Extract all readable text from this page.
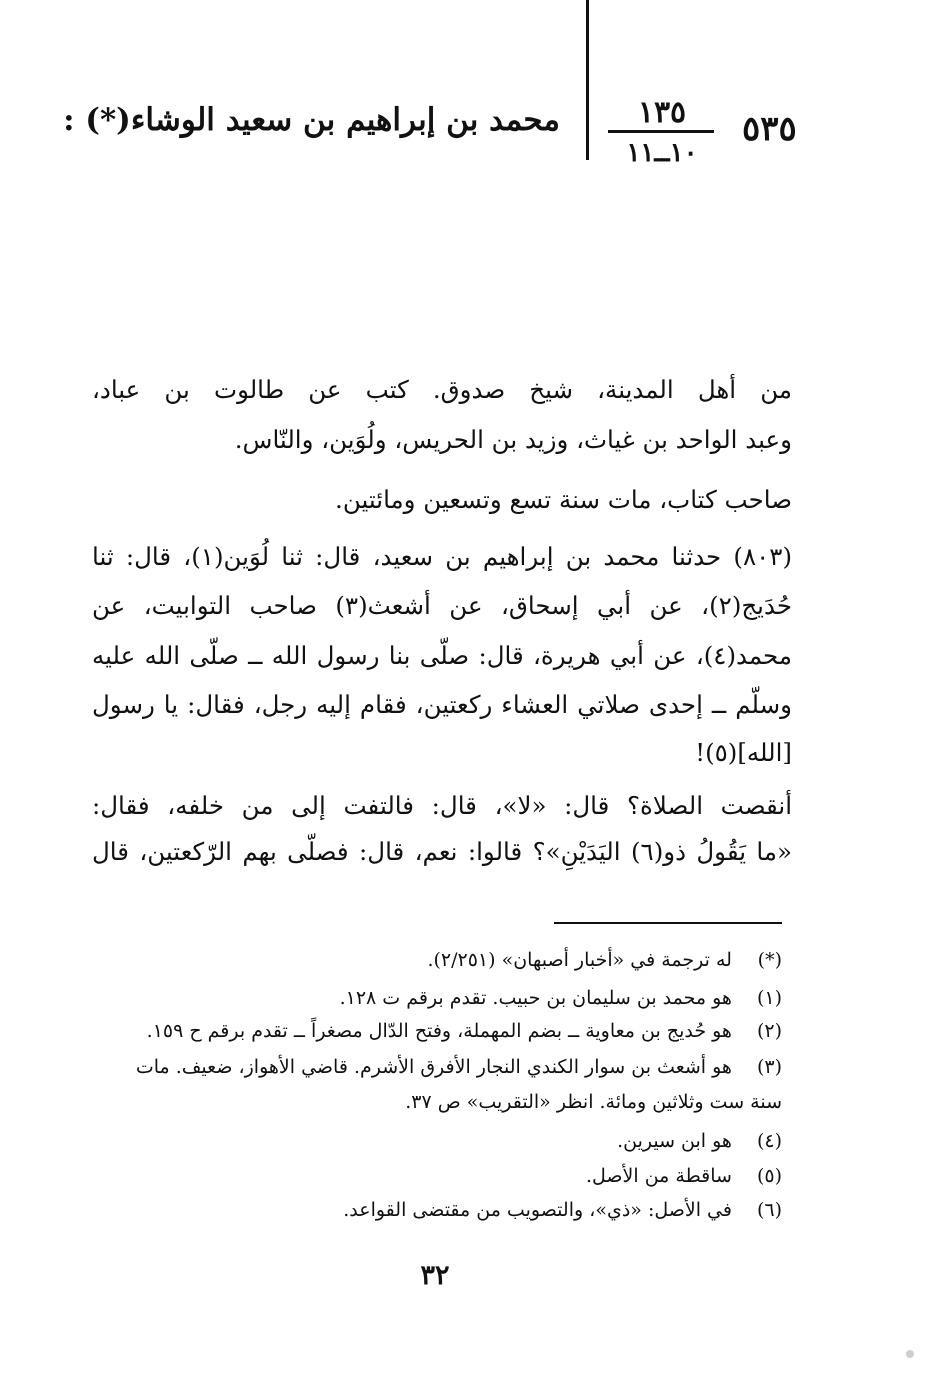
٥٣٥
١٣٥
١٠ــ١١
محمد بن إبراهيم بن سعيد الوشاء(*) :
من أهل المدينة، شيخ صدوق. كتب عن طالوت بن عباد،
وعبد الواحد بن غياث، وزيد بن الحريس، ولُوَين، والنّاس.
صاحب كتاب، مات سنة تسع وتسعين ومائتين.
(٨٠٣) حدثنا محمد بن إبراهيم بن سعيد، قال: ثنا لُوَين(١)، قال: ثنا
حُدَيج(٢)، عن أبي إسحاق، عن أشعث(٣) صاحب التوابيت، عن
محمد(٤)، عن أبي هريرة، قال: صلّى بنا رسول الله ــ صلّى الله عليه
وسلّم ــ إحدى صلاتي العشاء ركعتين، فقام إليه رجل، فقال: يا رسول
[الله](٥)!
أنقصت الصلاة؟ قال: «لا»، قال: فالتفت إلى من خلفه، فقال:
«ما يَقُولُ ذو(٦) اليَدَيْنِ»؟ قالوا: نعم، قال: فصلّى بهم الرّكعتين، قال
(*) له ترجمة في «أخبار أصبهان» (٢/٢٥١).
(١) هو محمد بن سليمان بن حبيب. تقدم برقم ت ١٢٨.
(٢) هو حُديج بن معاوية ــ بضم المهملة، وفتح الدّال مصغراً ــ تقدم برقم ح ١٥٩.
(٣) هو أشعث بن سوار الكندي النجار الأفرق الأشرم. قاضي الأهواز، ضعيف. مات
سنة ست وثلاثين ومائة. انظر «التقريب» ص ٣٧.
(٤) هو ابن سيرين.
(٥) ساقطة من الأصل.
(٦) في الأصل: «ذي»، والتصويب من مقتضى القواعد.
٣٢
